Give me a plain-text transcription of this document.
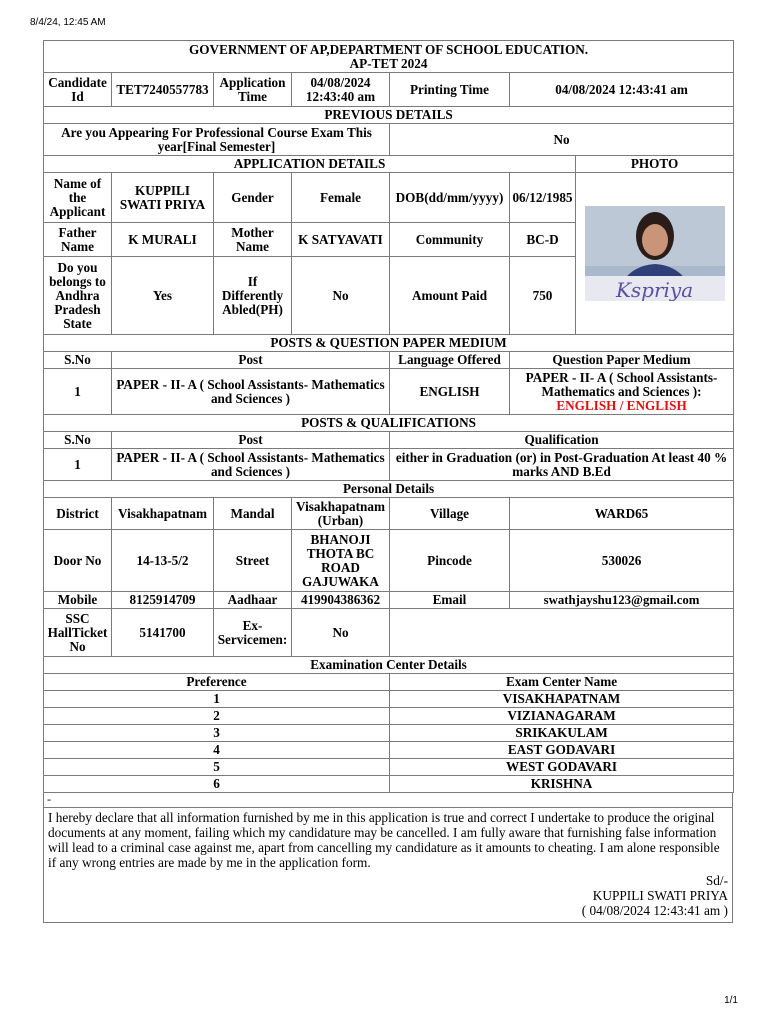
8/4/24, 12:45 AM
1/1
GOVERNMENT OF AP,DEPARTMENT OF SCHOOL EDUCATION.
AP-TET 2024						

Candidate Id	TET7240557783	Application Time	04/08/2024 12:43:40 am	Printing Time	04/08/2024 12:43:41 am	
PREVIOUS DETAILS						
Are you Appearing For Professional Course Exam This year[Final Semester]				No		
APPLICATION DETAILS						PHOTO
Name of the Applicant	KUPPILI SWATI PRIYA	Gender	Female	DOB(dd/mm/yyyy)	06/12/1985	Kspriya

Father Name	K MURALI	Mother Name	K SATYAVATI	Community	BC-D	
Do you belongs to Andhra Pradesh State	Yes	If Differently Abled(PH)	No	Amount Paid	750	
POSTS & QUESTION PAPER MEDIUM						
S.No	Post			Language Offered	Question Paper Medium	
1	PAPER - II- A ( School Assistants- Mathematics and Sciences )			ENGLISH	PAPER - II- A ( School Assistants- Mathematics and Sciences ):
ENGLISH / ENGLISH	

POSTS & QUALIFICATIONS						
S.No	Post			Qualification		
1	PAPER - II- A ( School Assistants- Mathematics and Sciences )			either in Graduation (or) in Post-Graduation At least 40 % marks AND B.Ed		
Personal Details						
District	Visakhapatnam	Mandal	Visakhapatnam (Urban)	Village	WARD65	
Door No	14-13-5/2	Street	BHANOJI THOTA BC ROAD GAJUWAKA	Pincode	530026	
Mobile	8125914709	Aadhaar	419904386362	Email	swathjayshu123@gmail.com	
SSC HallTicket No	5141700	Ex-Servicemen:	No			
Examination Center Details						
Preference				Exam Center Name		
1				VISAKHAPATNAM		
2				VIZIANAGARAM		
3				SRIKAKULAM		
4				EAST GODAVARI		
5				WEST GODAVARI		
6				KRISHNA		
-
I hereby declare that all information furnished by me in this application is true and correct I undertake to produce the original documents at any moment, failing which my candidature may be cancelled. I am fully aware that furnishing false information will lead to a criminal case against me, apart from cancelling my candidature as it amounts to cheating. I am alone responsible if any wrong entries are made by me in the application form.
Sd/-
KUPPILI SWATI PRIYA
( 04/08/2024 12:43:41 am )
